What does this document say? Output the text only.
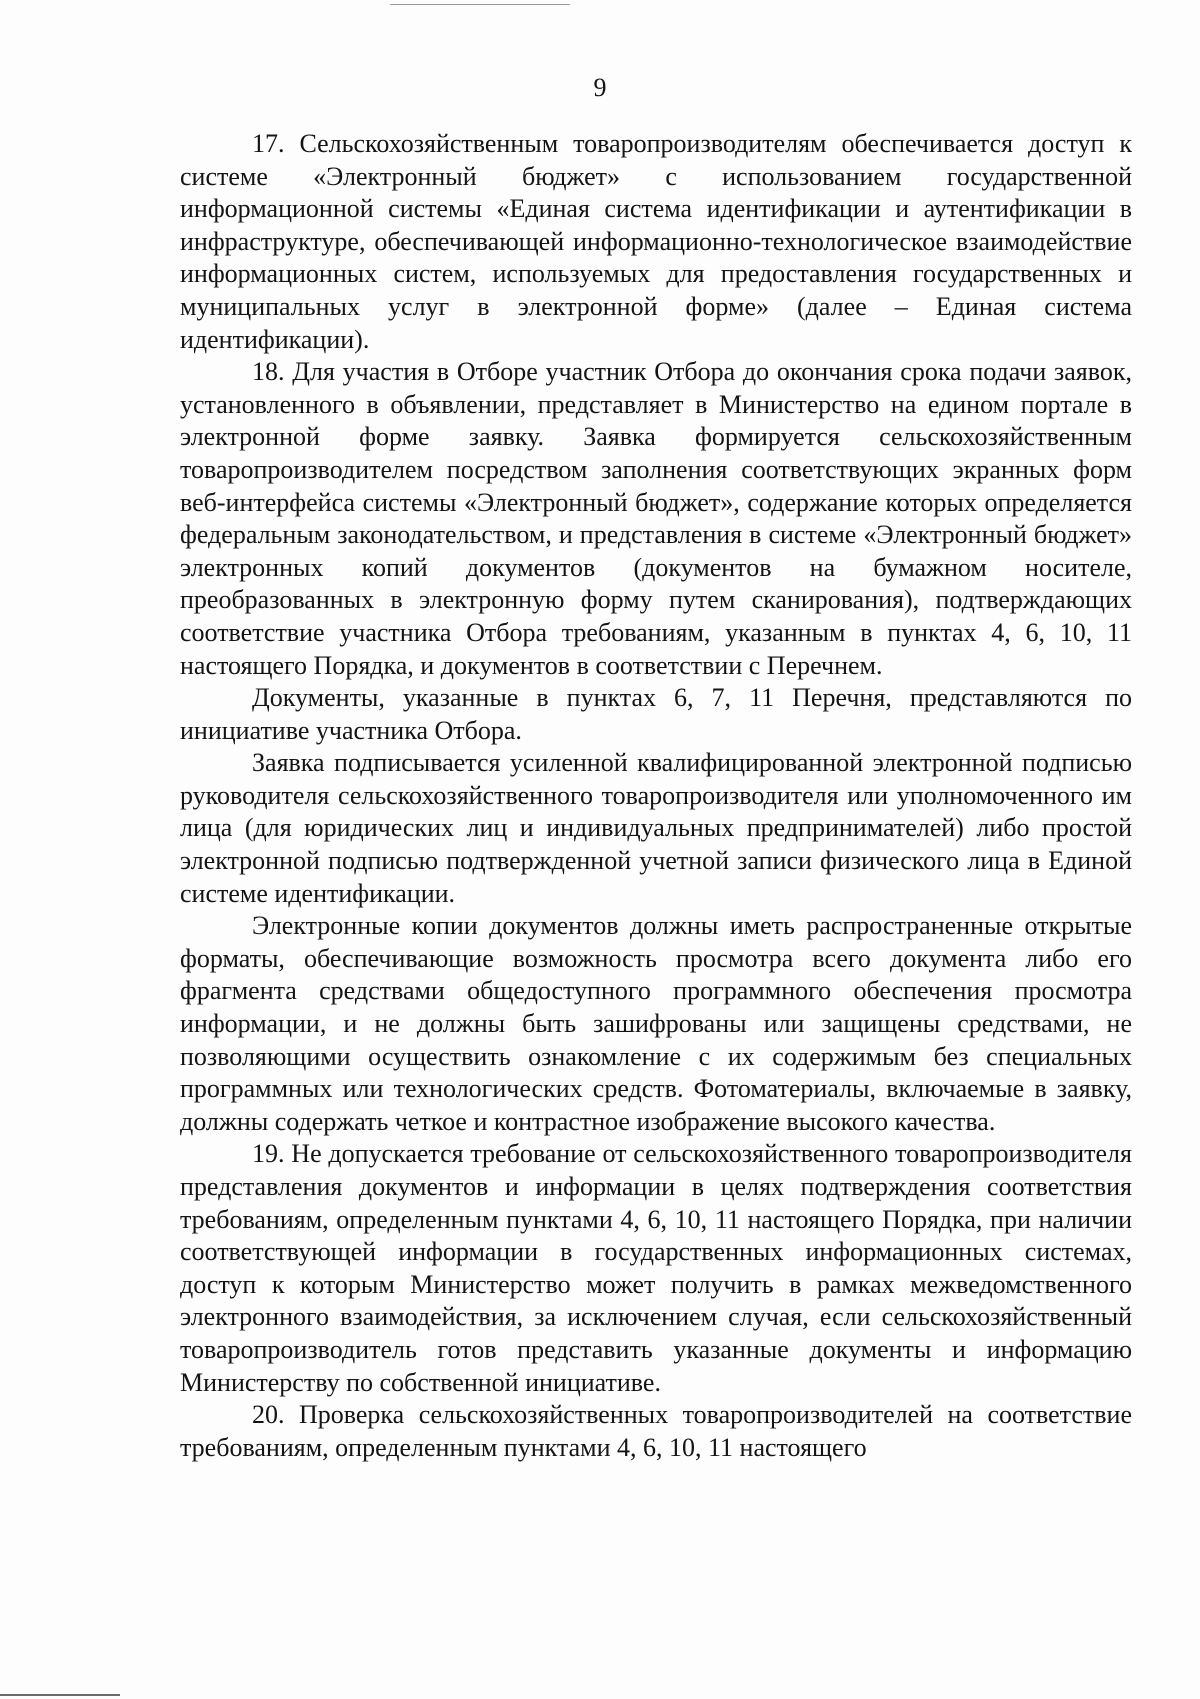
9

17. Сельскохозяйственным товаропроизводителям обеспечивается доступ к системе «Электронный бюджет» с использованием государственной информационной системы «Единая система идентификации и аутентификации в инфраструктуре, обеспечивающей информационно-технологическое взаимодействие информационных систем, используемых для предоставления государственных и муниципальных услуг в электронной форме» (далее – Единая система идентификации).

18. Для участия в Отборе участник Отбора до окончания срока подачи заявок, установленного в объявлении, представляет в Министерство на едином портале в электронной форме заявку. Заявка формируется сельскохозяйственным товаропроизводителем посредством заполнения соответствующих экранных форм веб-интерфейса системы «Электронный бюджет», содержание которых определяется федеральным законодательством, и представления в системе «Электронный бюджет» электронных копий документов (документов на бумажном носителе, преобразованных в электронную форму путем сканирования), подтверждающих соответствие участника Отбора требованиям, указанным в пунктах 4, 6, 10, 11 настоящего Порядка, и документов в соответствии с Перечнем.

Документы, указанные в пунктах 6, 7, 11 Перечня, представляются по инициативе участника Отбора.

Заявка подписывается усиленной квалифицированной электронной подписью руководителя сельскохозяйственного товаропроизводителя или уполномоченного им лица (для юридических лиц и индивидуальных предпринимателей) либо простой электронной подписью подтвержденной учетной записи физического лица в Единой системе идентификации.

Электронные копии документов должны иметь распространенные открытые форматы, обеспечивающие возможность просмотра всего документа либо его фрагмента средствами общедоступного программного обеспечения просмотра информации, и не должны быть зашифрованы или защищены средствами, не позволяющими осуществить ознакомление с их содержимым без специальных программных или технологических средств. Фотоматериалы, включаемые в заявку, должны содержать четкое и контрастное изображение высокого качества.

19. Не допускается требование от сельскохозяйственного товаропроизводителя представления документов и информации в целях подтверждения соответствия требованиям, определенным пунктами 4, 6, 10, 11 настоящего Порядка, при наличии соответствующей информации в государственных информационных системах, доступ к которым Министерство может получить в рамках межведомственного электронного взаимодействия, за исключением случая, если сельскохозяйственный товаропроизводитель готов представить указанные документы и информацию Министерству по собственной инициативе.

20. Проверка сельскохозяйственных товаропроизводителей на соответствие требованиям, определенным пунктами 4, 6, 10, 11 настоящего
